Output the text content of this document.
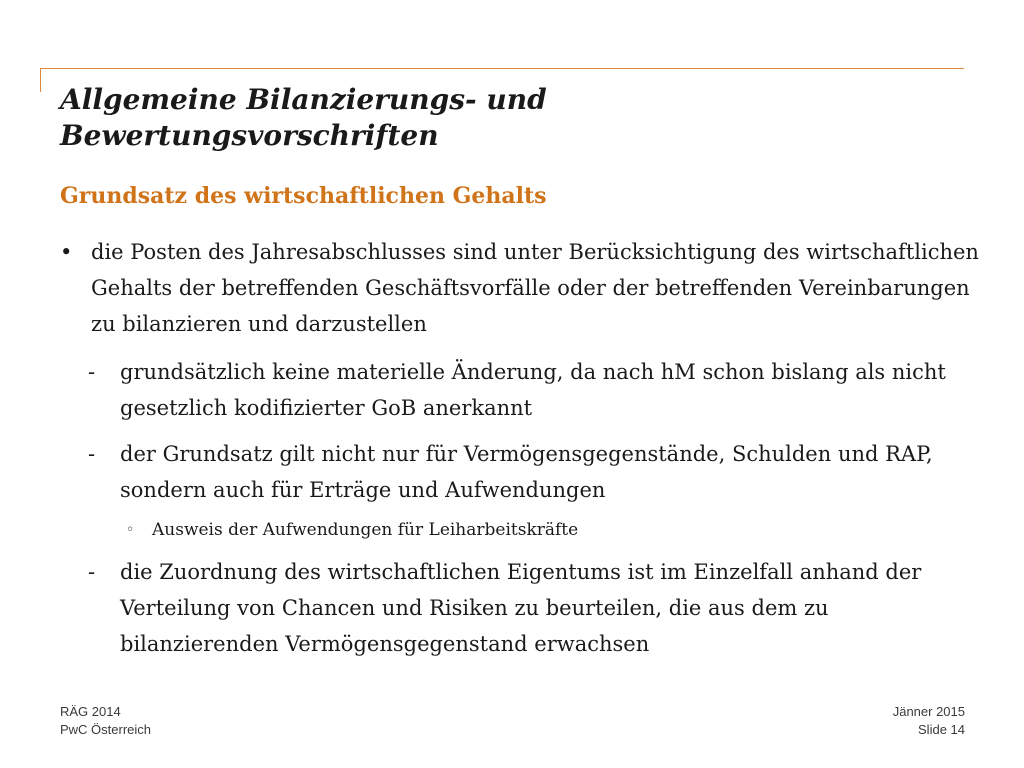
Allgemeine Bilanzierungs- und
Bewertungsvorschriften
Grundsatz des wirtschaftlichen Gehalts
• die Posten des Jahresabschlusses sind unter Berücksichtigung des wirtschaftlichen Gehalts der betreffenden Geschäftsvorfälle oder der betreffenden Vereinbarungen zu bilanzieren und darzustellen
- grundsätzlich keine materielle Änderung, da nach hM schon bislang als nicht gesetzlich kodifizierter GoB anerkannt
- der Grundsatz gilt nicht nur für Vermögensgegenstände, Schulden und RAP, sondern auch für Erträge und Aufwendungen
◦ Ausweis der Aufwendungen für Leiharbeitskräfte
- die Zuordnung des wirtschaftlichen Eigentums ist im Einzelfall anhand der Verteilung von Chancen und Risiken zu beurteilen, die aus dem zu bilanzierenden Vermögensgegenstand erwachsen
RÄG 2014
PwC Österreich
Jänner 2015
Slide 14
